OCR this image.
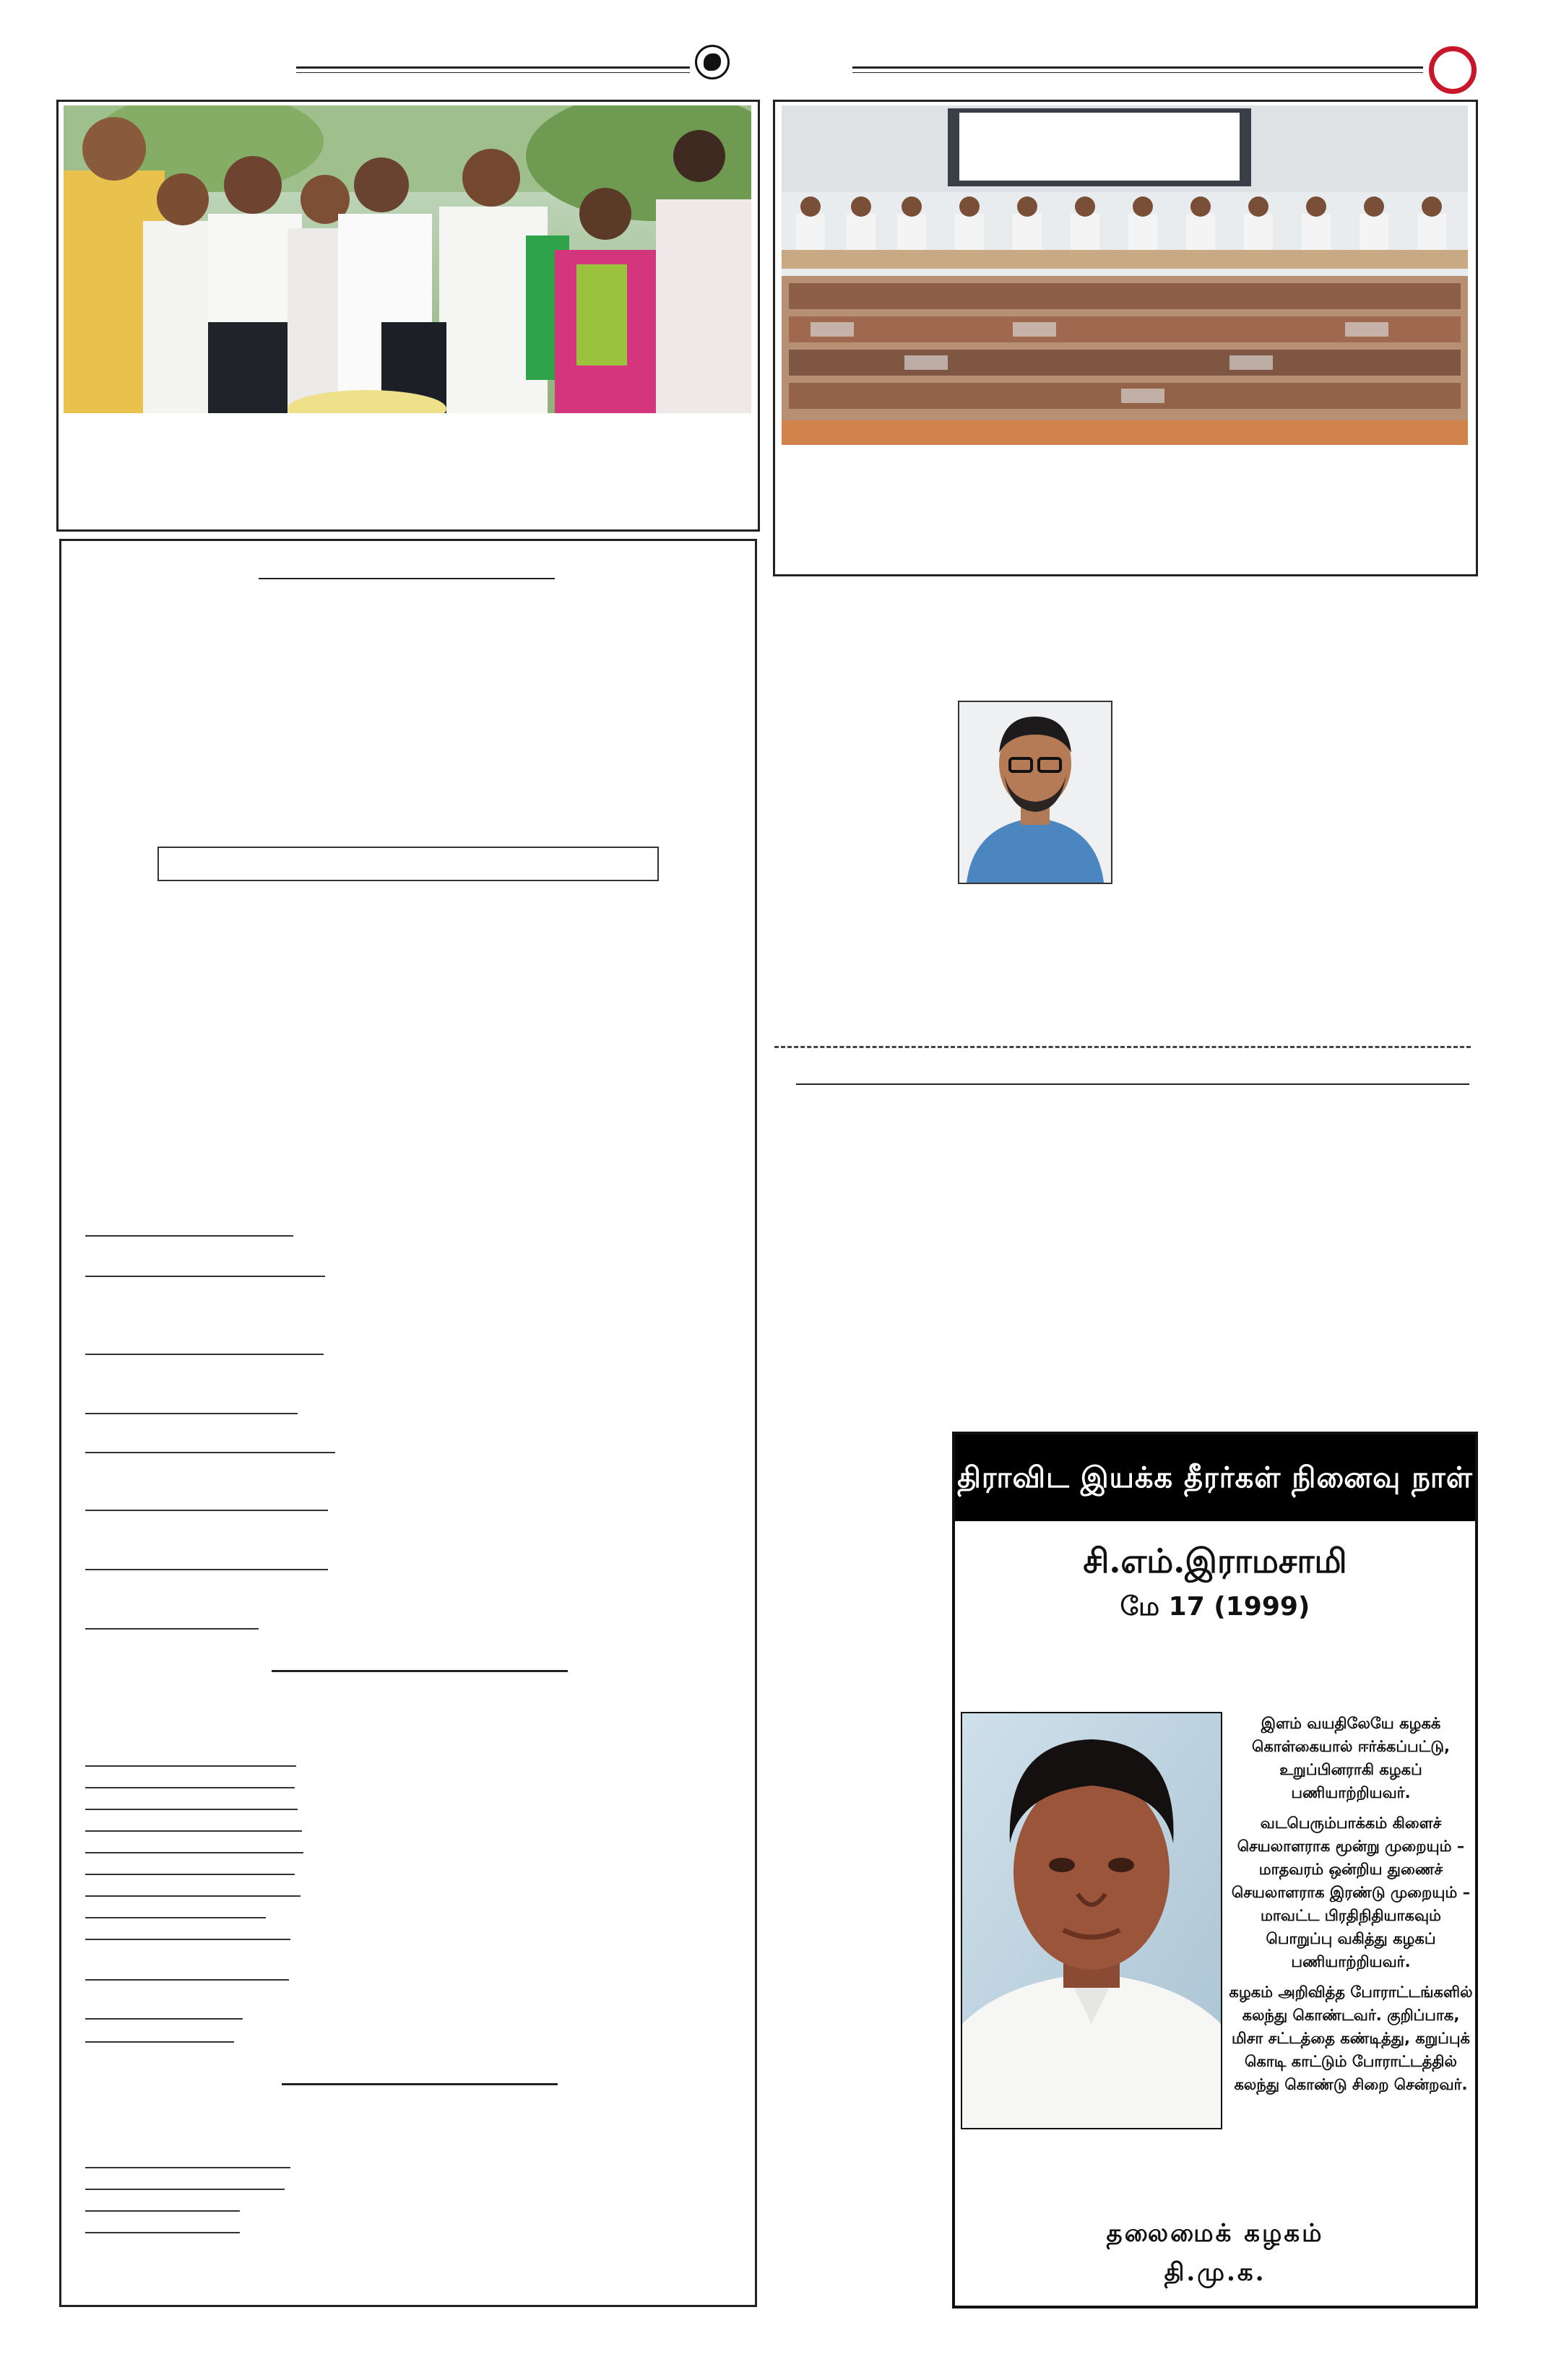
திராவிட இயக்க தீரர்கள் நினைவு நாள்
சி.எம்.இராமசாமி
மே 17 (1999)

இளம் வயதிலேயே கழகக் கொள்கையால் ஈர்க்கப்பட்டு, உறுப்பினராகி கழகப் பணியாற்றியவர்.

வடபெரும்பாக்கம் கிளைச் செயலாளராக மூன்று முறையும் – மாதவரம் ஒன்றிய துணைச் செயலாளராக இரண்டு முறையும் – மாவட்ட பிரதிநிதியாகவும் பொறுப்பு வகித்து கழகப் பணியாற்றியவர்.

கழகம் அறிவித்த போராட்டங்களில் கலந்து கொண்டவர். குறிப்பாக, மிசா சட்டத்தை கண்டித்து, கறுப்புக் கொடி காட்டும் போராட்டத்தில் கலந்து கொண்டு சிறை சென்றவர்.

தலைமைக் கழகம்
தி.மு.க.
